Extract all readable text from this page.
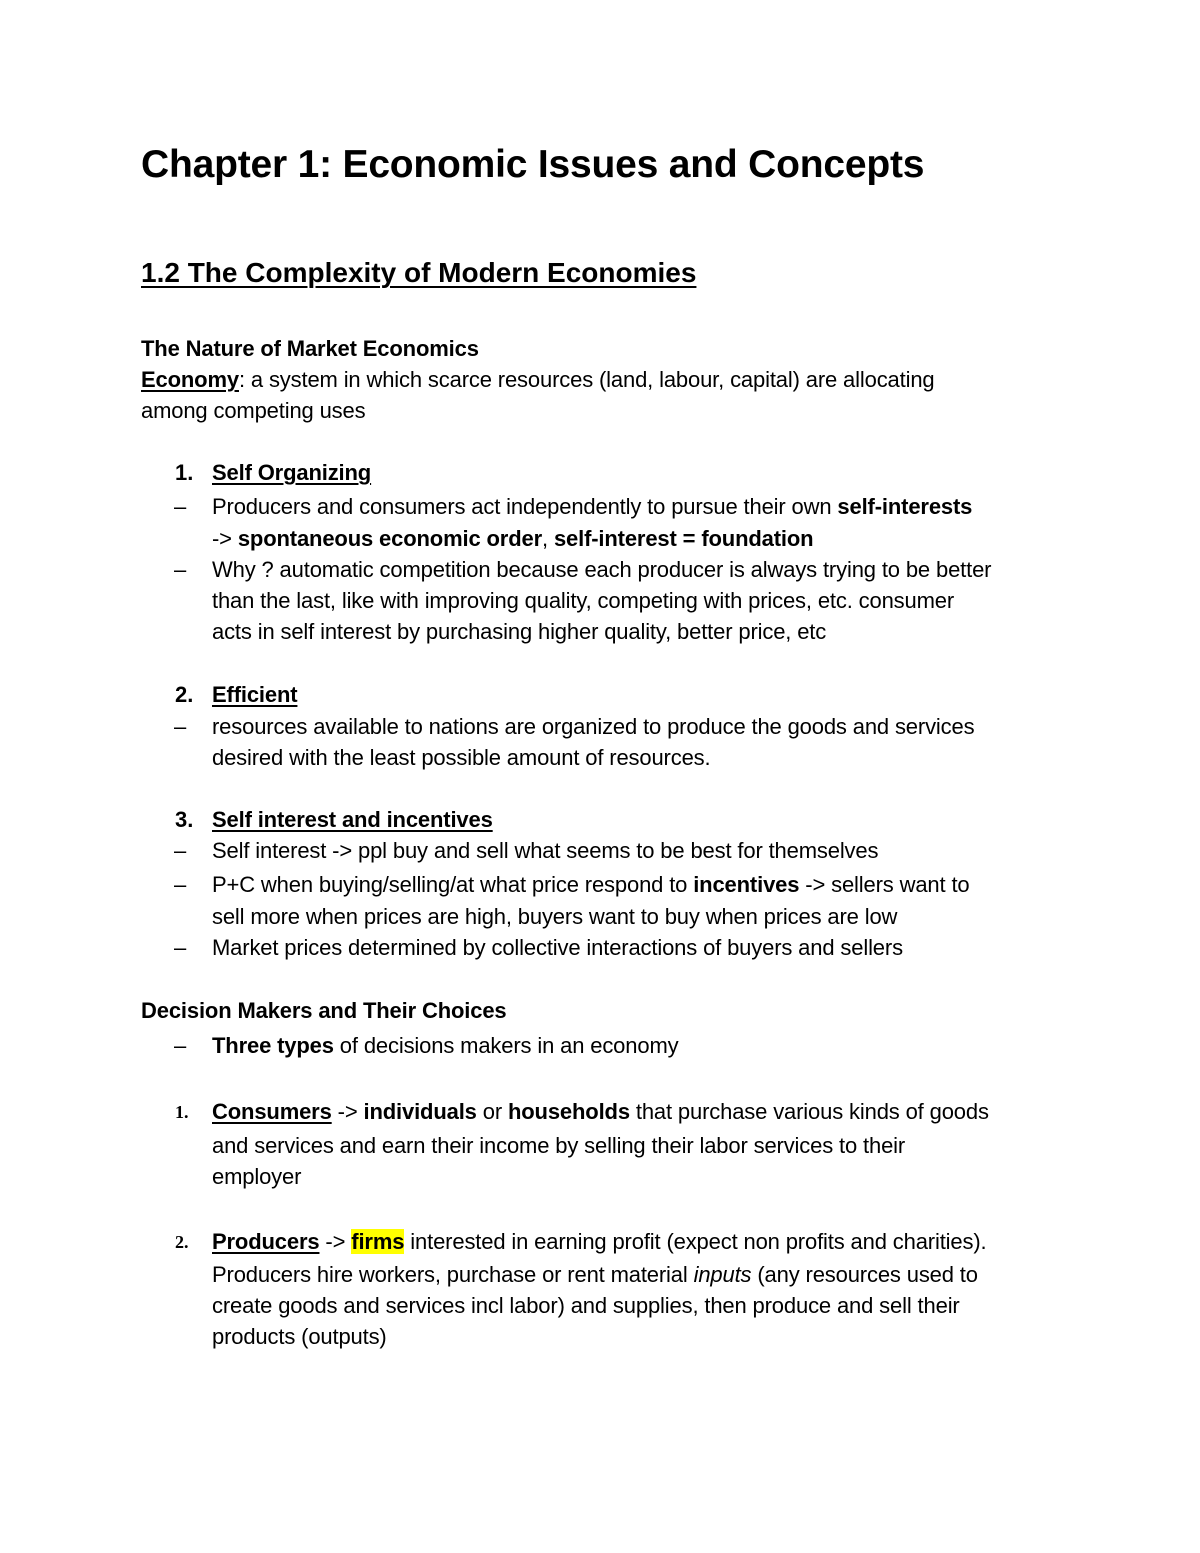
Chapter 1: Economic Issues and Concepts
1.2 The Complexity of Modern Economies
The Nature of Market Economics
Economy: a system in which scarce resources (land, labour, capital) are allocating
among competing uses
1. Self Organizing
– Producers and consumers act independently to pursue their own self-interests
-> spontaneous economic order, self-interest = foundation
– Why ? automatic competition because each producer is always trying to be better
than the last, like with improving quality, competing with prices, etc. consumer
acts in self interest by purchasing higher quality, better price, etc
2. Efficient
– resources available to nations are organized to produce the goods and services
desired with the least possible amount of resources.
3. Self interest and incentives
– Self interest -> ppl buy and sell what seems to be best for themselves
– P+C when buying/selling/at what price respond to incentives -> sellers want to
sell more when prices are high, buyers want to buy when prices are low
– Market prices determined by collective interactions of buyers and sellers
Decision Makers and Their Choices
– Three types of decisions makers in an economy
1. Consumers -> individuals or households that purchase various kinds of goods
and services and earn their income by selling their labor services to their
employer
2. Producers -> firms interested in earning profit (expect non profits and charities).
Producers hire workers, purchase or rent material inputs (any resources used to
create goods and services incl labor) and supplies, then produce and sell their
products (outputs)
